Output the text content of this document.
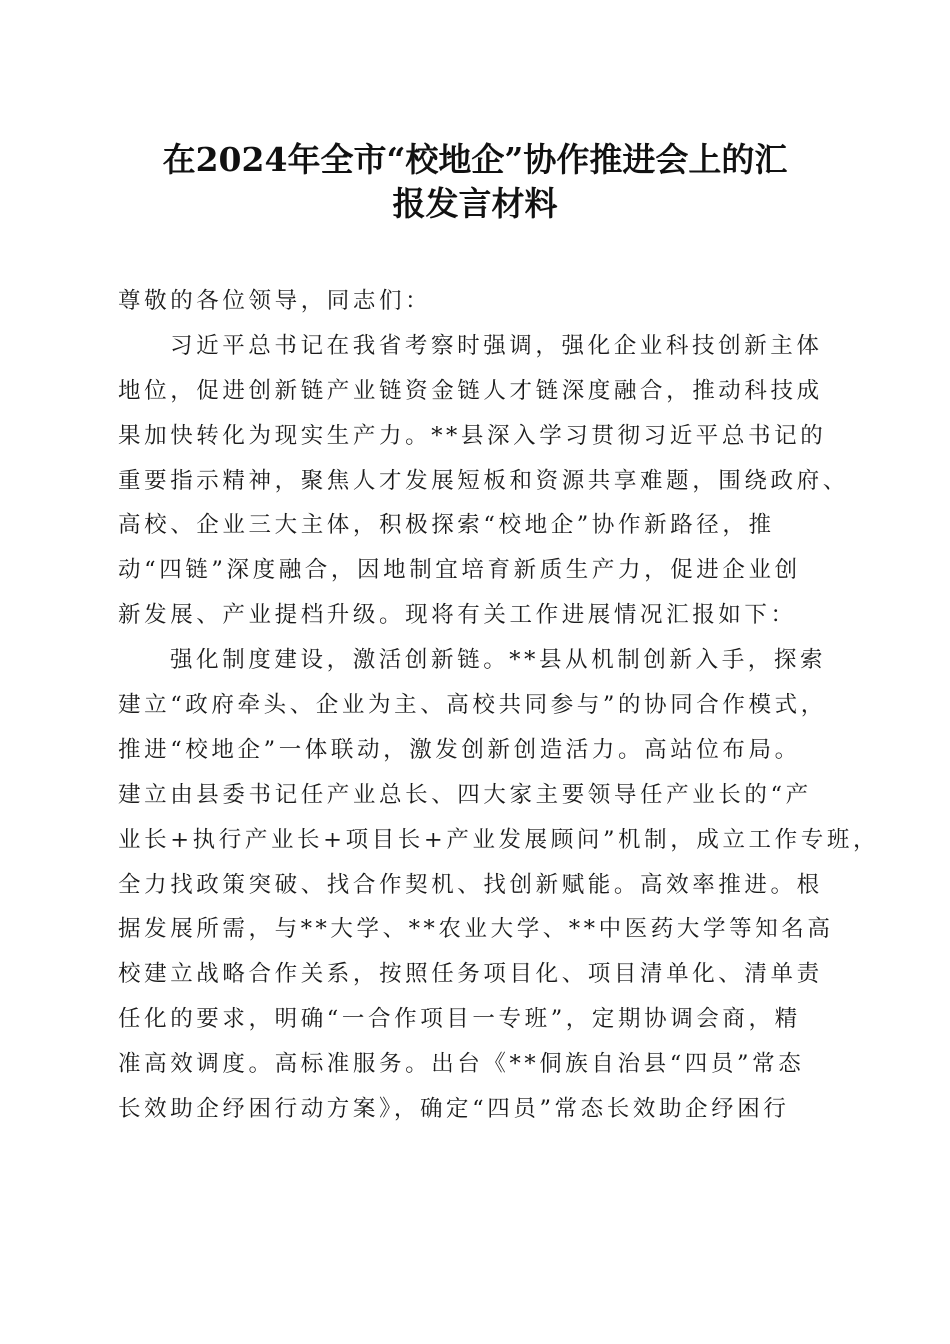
在2024年全市“校地企”协作推进会上的汇
报发言材料
尊敬的各位领导，同志们：
习近平总书记在我省考察时强调，强化企业科技创新主体
地位，促进创新链产业链资金链人才链深度融合，推动科技成
果加快转化为现实生产力。**县深入学习贯彻习近平总书记的
重要指示精神，聚焦人才发展短板和资源共享难题，围绕政府、
高校、企业三大主体，积极探索“校地企”协作新路径，推
动“四链”深度融合，因地制宜培育新质生产力，促进企业创
新发展、产业提档升级。现将有关工作进展情况汇报如下：
强化制度建设，激活创新链。**县从机制创新入手，探索
建立“政府牵头、企业为主、高校共同参与”的协同合作模式，
推进“校地企”一体联动，激发创新创造活力。高站位布局。
建立由县委书记任产业总长、四大家主要领导任产业长的“产
业长+执行产业长+项目长+产业发展顾问”机制，成立工作专班，
全力找政策突破、找合作契机、找创新赋能。高效率推进。根
据发展所需，与**大学、**农业大学、**中医药大学等知名高
校建立战略合作关系，按照任务项目化、项目清单化、清单责
任化的要求，明确“一合作项目一专班”，定期协调会商，精
准高效调度。高标准服务。出台《**侗族自治县“四员”常态
长效助企纾困行动方案》，确定“四员”常态长效助企纾困行
